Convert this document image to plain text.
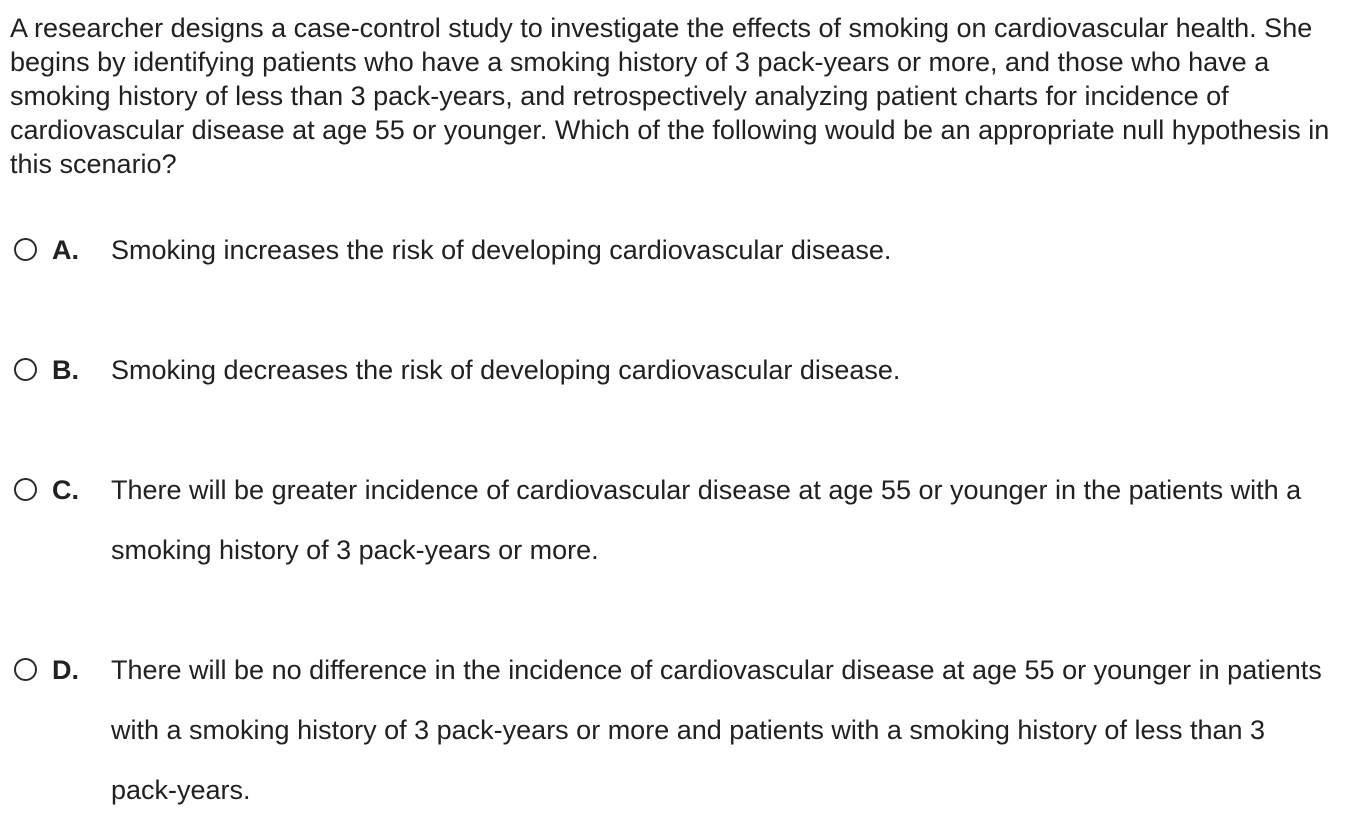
A researcher designs a case-control study to investigate the effects of smoking on cardiovascular health. She begins by identifying patients who have a smoking history of 3 pack-years or more, and those who have a smoking history of less than 3 pack-years, and retrospectively analyzing patient charts for incidence of cardiovascular disease at age 55 or younger. Which of the following would be an appropriate null hypothesis in this scenario?
A.	Smoking increases the risk of developing cardiovascular disease.
B.	Smoking decreases the risk of developing cardiovascular disease.
C.	There will be greater incidence of cardiovascular disease at age 55 or younger in the patients with a smoking history of 3 pack-years or more.
D.	There will be no difference in the incidence of cardiovascular disease at age 55 or younger in patients with a smoking history of 3 pack-years or more and patients with a smoking history of less than 3 pack-years.
